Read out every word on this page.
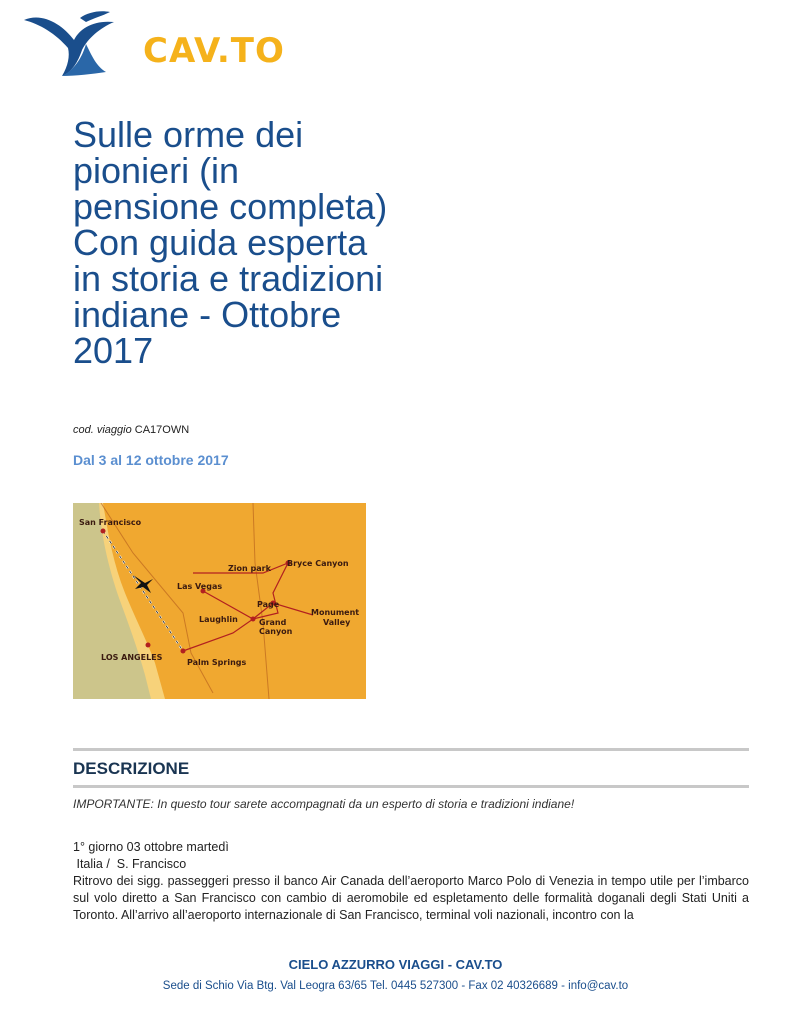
CAV.TO
Sulle orme dei pionieri (in pensione completa) Con guida esperta in storia e tradizioni indiane - Ottobre 2017
cod. viaggio CA17OWN
Dal 3 al 12 ottobre 2017
San Francisco
Zion park
Bryce Canyon
Las Vegas
Page
Monument
Valley
Laughlin	Grand
Canyon
LOS ANGELES
Palm Springs
DESCRIZIONE
IMPORTANTE: In questo tour sarete accompagnati da un esperto di storia e tradizioni indiane!

1° giorno 03 ottobre martedì

Italia /  S. Francisco

Ritrovo dei sigg. passeggeri presso il banco Air Canada dell’aeroporto Marco Polo di Venezia in tempo utile per l’imbarco sul volo diretto a San Francisco con cambio di aeromobile ed espletamento delle formalità doganali degli Stati Uniti a Toronto. All’arrivo all’aeroporto internazionale di San Francisco, terminal voli nazionali, incontro con la

CIELO AZZURRO VIAGGI - CAV.TO
Sede di Schio Via Btg. Val Leogra 63/65 Tel. 0445 527300 - Fax 02 40326689 - info@cav.to
